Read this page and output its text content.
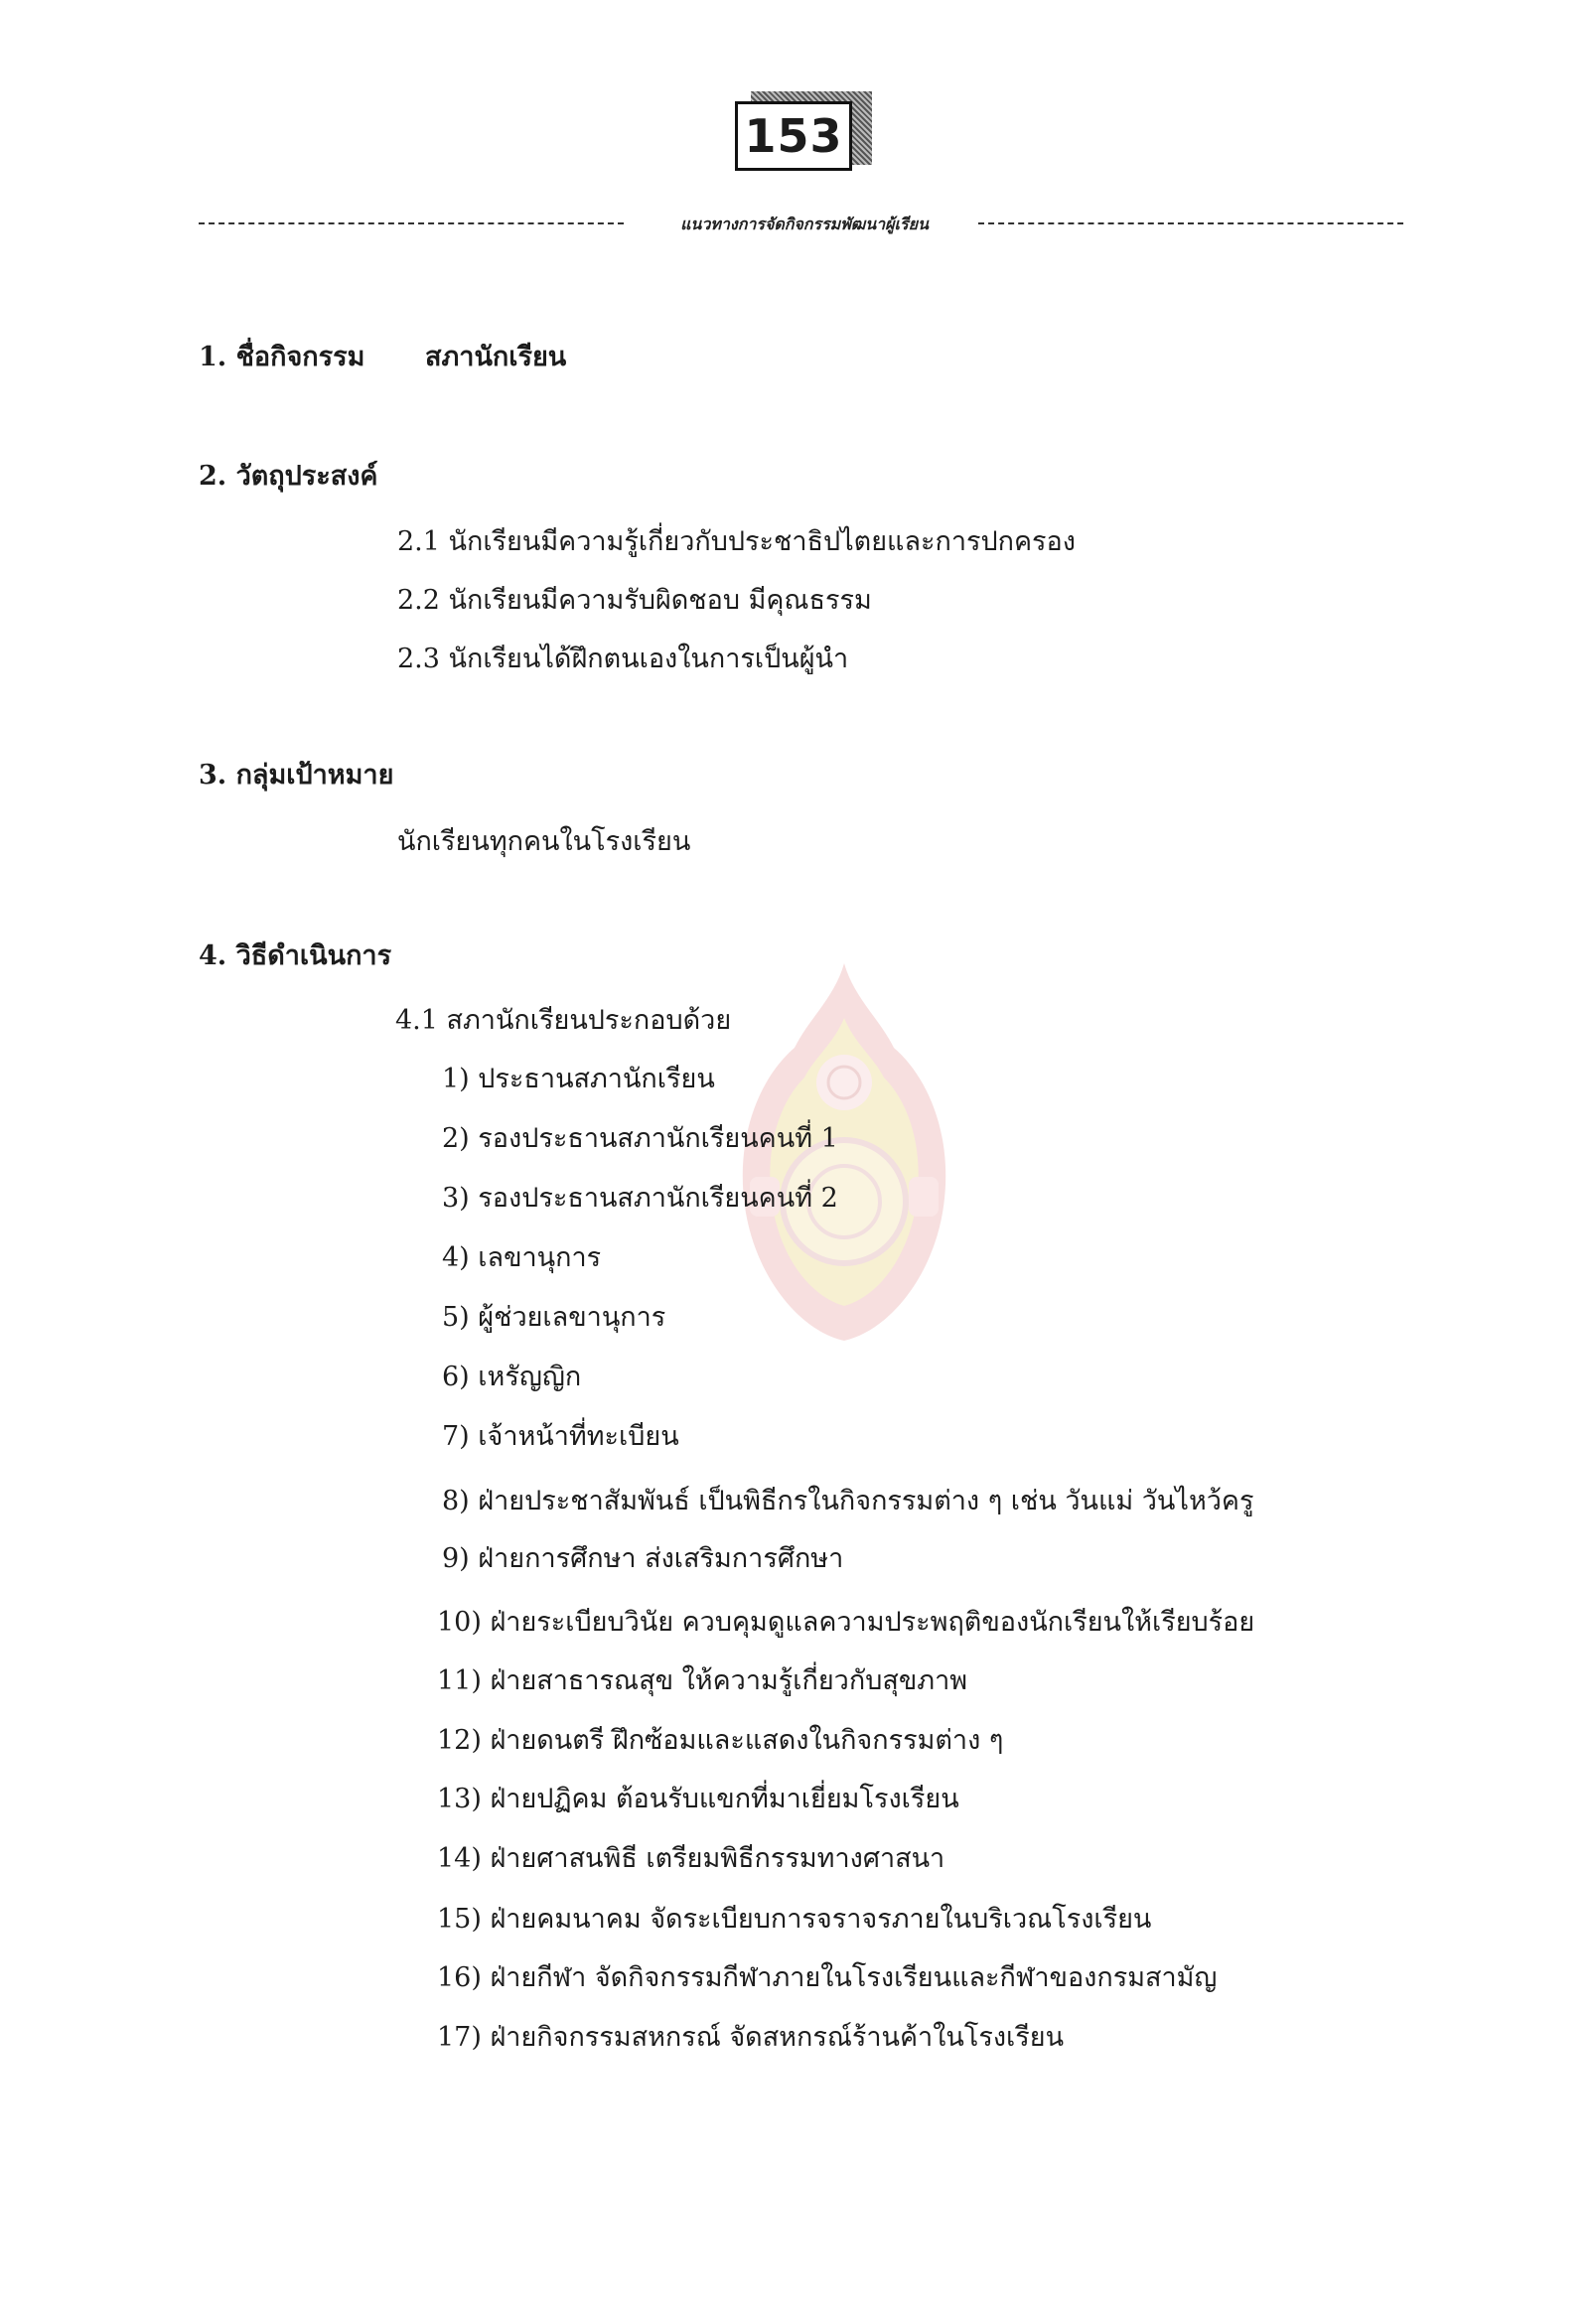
153
แนวทางการจัดกิจกรรมพัฒนาผู้เรียน
1. ชื่อกิจกรรม สภานักเรียน
2. วัตถุประสงค์
2.1 นักเรียนมีความรู้เกี่ยวกับประชาธิปไตยและการปกครอง
2.2 นักเรียนมีความรับผิดชอบ มีคุณธรรม
2.3 นักเรียนได้ฝึกตนเองในการเป็นผู้นำ
3. กลุ่มเป้าหมาย
นักเรียนทุกคนในโรงเรียน
4. วิธีดำเนินการ
4.1 สภานักเรียนประกอบด้วย
1) ประธานสภานักเรียน
2) รองประธานสภานักเรียนคนที่ 1
3) รองประธานสภานักเรียนคนที่ 2
4) เลขานุการ
5) ผู้ช่วยเลขานุการ
6) เหรัญญิก
7) เจ้าหน้าที่ทะเบียน
8) ฝ่ายประชาสัมพันธ์ เป็นพิธีกรในกิจกรรมต่าง ๆ เช่น วันแม่ วันไหว้ครู
9) ฝ่ายการศึกษา ส่งเสริมการศึกษา
10) ฝ่ายระเบียบวินัย ควบคุมดูแลความประพฤติของนักเรียนให้เรียบร้อย
11) ฝ่ายสาธารณสุข ให้ความรู้เกี่ยวกับสุขภาพ
12) ฝ่ายดนตรี ฝึกซ้อมและแสดงในกิจกรรมต่าง ๆ
13) ฝ่ายปฏิคม ต้อนรับแขกที่มาเยี่ยมโรงเรียน
14) ฝ่ายศาสนพิธี เตรียมพิธีกรรมทางศาสนา
15) ฝ่ายคมนาคม จัดระเบียบการจราจรภายในบริเวณโรงเรียน
16) ฝ่ายกีฬา จัดกิจกรรมกีฬาภายในโรงเรียนและกีฬาของกรมสามัญ
17) ฝ่ายกิจกรรมสหกรณ์ จัดสหกรณ์ร้านค้าในโรงเรียน
